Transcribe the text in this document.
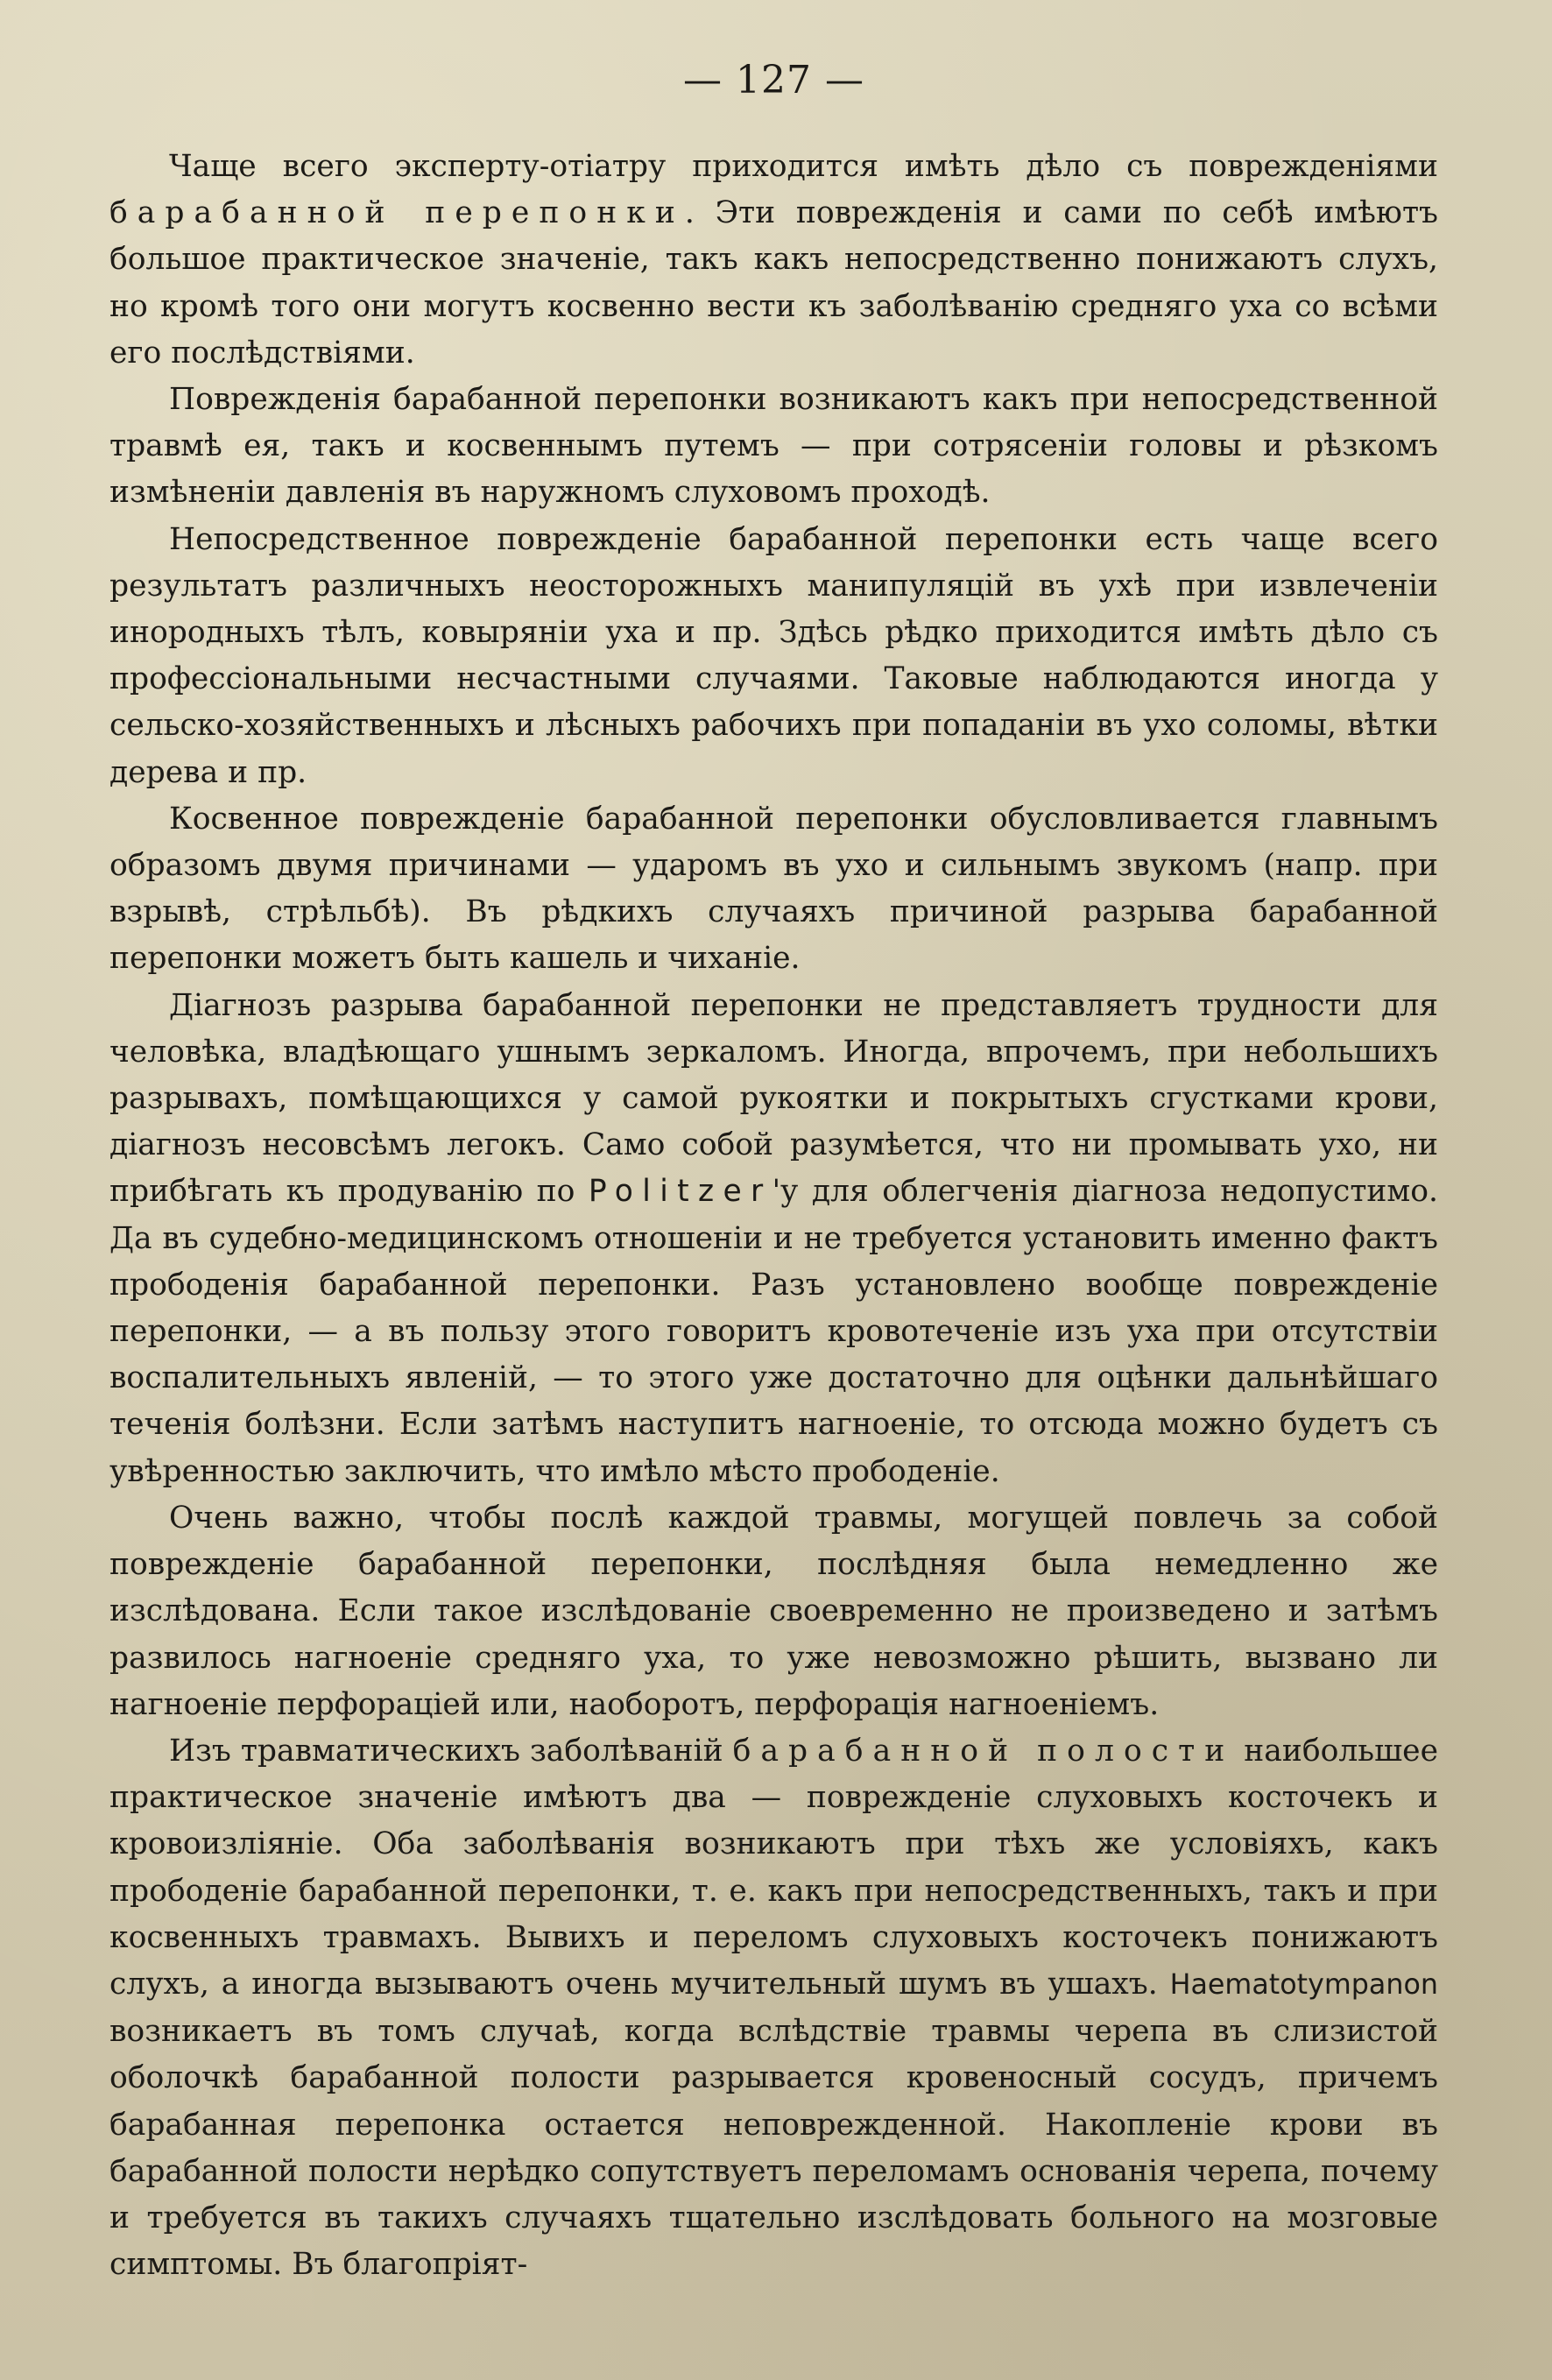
— 127 —

Чаще всего эксперту-отіатру приходится имѣть дѣло съ поврежденіями барабанной перепонки. Эти поврежденія и сами по себѣ имѣютъ большое практическое значеніе, такъ какъ непосредственно понижаютъ слухъ, но кромѣ того они могутъ косвенно вести къ заболѣванію средняго уха со всѣми его послѣдствіями.

Поврежденія барабанной перепонки возникаютъ какъ при непосредственной травмѣ ея, такъ и косвеннымъ путемъ — при сотрясеніи головы и рѣзкомъ измѣненіи давленія въ наружномъ слуховомъ проходѣ.

Непосредственное поврежденіе барабанной перепонки есть чаще всего результатъ различныхъ неосторожныхъ манипуляцій въ ухѣ при извлеченіи инородныхъ тѣлъ, ковыряніи уха и пр. Здѣсь рѣдко приходится имѣть дѣло съ профессіональными несчастными случаями. Таковые наблюдаются иногда у сельско-хозяйственныхъ и лѣсныхъ рабочихъ при попаданіи въ ухо соломы, вѣтки дерева и пр.

Косвенное поврежденіе барабанной перепонки обусловливается главнымъ образомъ двумя причинами — ударомъ въ ухо и сильнымъ звукомъ (напр. при взрывѣ, стрѣльбѣ). Въ рѣдкихъ случаяхъ причиной разрыва барабанной перепонки можетъ быть кашель и чиханіе.

Діагнозъ разрыва барабанной перепонки не представляетъ трудности для человѣка, владѣющаго ушнымъ зеркаломъ. Иногда, впрочемъ, при небольшихъ разрывахъ, помѣщающихся у самой рукоятки и покрытыхъ сгустками крови, діагнозъ несовсѣмъ легокъ. Само собой разумѣется, что ни промывать ухо, ни прибѣгать къ продуванію по Politzer'у для облегченія діагноза недопустимо. Да въ судебно-медицинскомъ отношеніи и не требуется установить именно фактъ прободенія барабанной перепонки. Разъ установлено вообще поврежденіе перепонки, — а въ пользу этого говоритъ кровотеченіе изъ уха при отсутствіи воспалительныхъ явленій, — то этого уже достаточно для оцѣнки дальнѣйшаго теченія болѣзни. Если затѣмъ наступитъ нагноеніе, то отсюда можно будетъ съ увѣренностью заключить, что имѣло мѣсто прободеніе.

Очень важно, чтобы послѣ каждой травмы, могущей повлечь за собой поврежденіе барабанной перепонки, послѣдняя была немедленно же изслѣдована. Если такое изслѣдованіе своевременно не произведено и затѣмъ развилось нагноеніе средняго уха, то уже невозможно рѣшить, вызвано ли нагноеніе перфораціей или, наоборотъ, перфорація нагноеніемъ.

Изъ травматическихъ заболѣваній барабанной полости наибольшее практическое значеніе имѣютъ два — поврежденіе слуховыхъ косточекъ и кровоизліяніе. Оба заболѣванія возникаютъ при тѣхъ же условіяхъ, какъ прободеніе барабанной перепонки, т. е. какъ при непосредственныхъ, такъ и при косвенныхъ травмахъ. Вывихъ и переломъ слуховыхъ косточекъ понижаютъ слухъ, а иногда вызываютъ очень мучительный шумъ въ ушахъ. Haematotympanon возникаетъ въ томъ случаѣ, когда вслѣдствіе травмы черепа въ слизистой оболочкѣ барабанной полости разрывается кровеносный сосудъ, причемъ барабанная перепонка остается неповрежденной. Накопленіе крови въ барабанной полости нерѣдко сопутствуетъ переломамъ основанія черепа, почему и требуется въ такихъ случаяхъ тщательно изслѣдовать больного на мозговые симптомы. Въ благопріят-
